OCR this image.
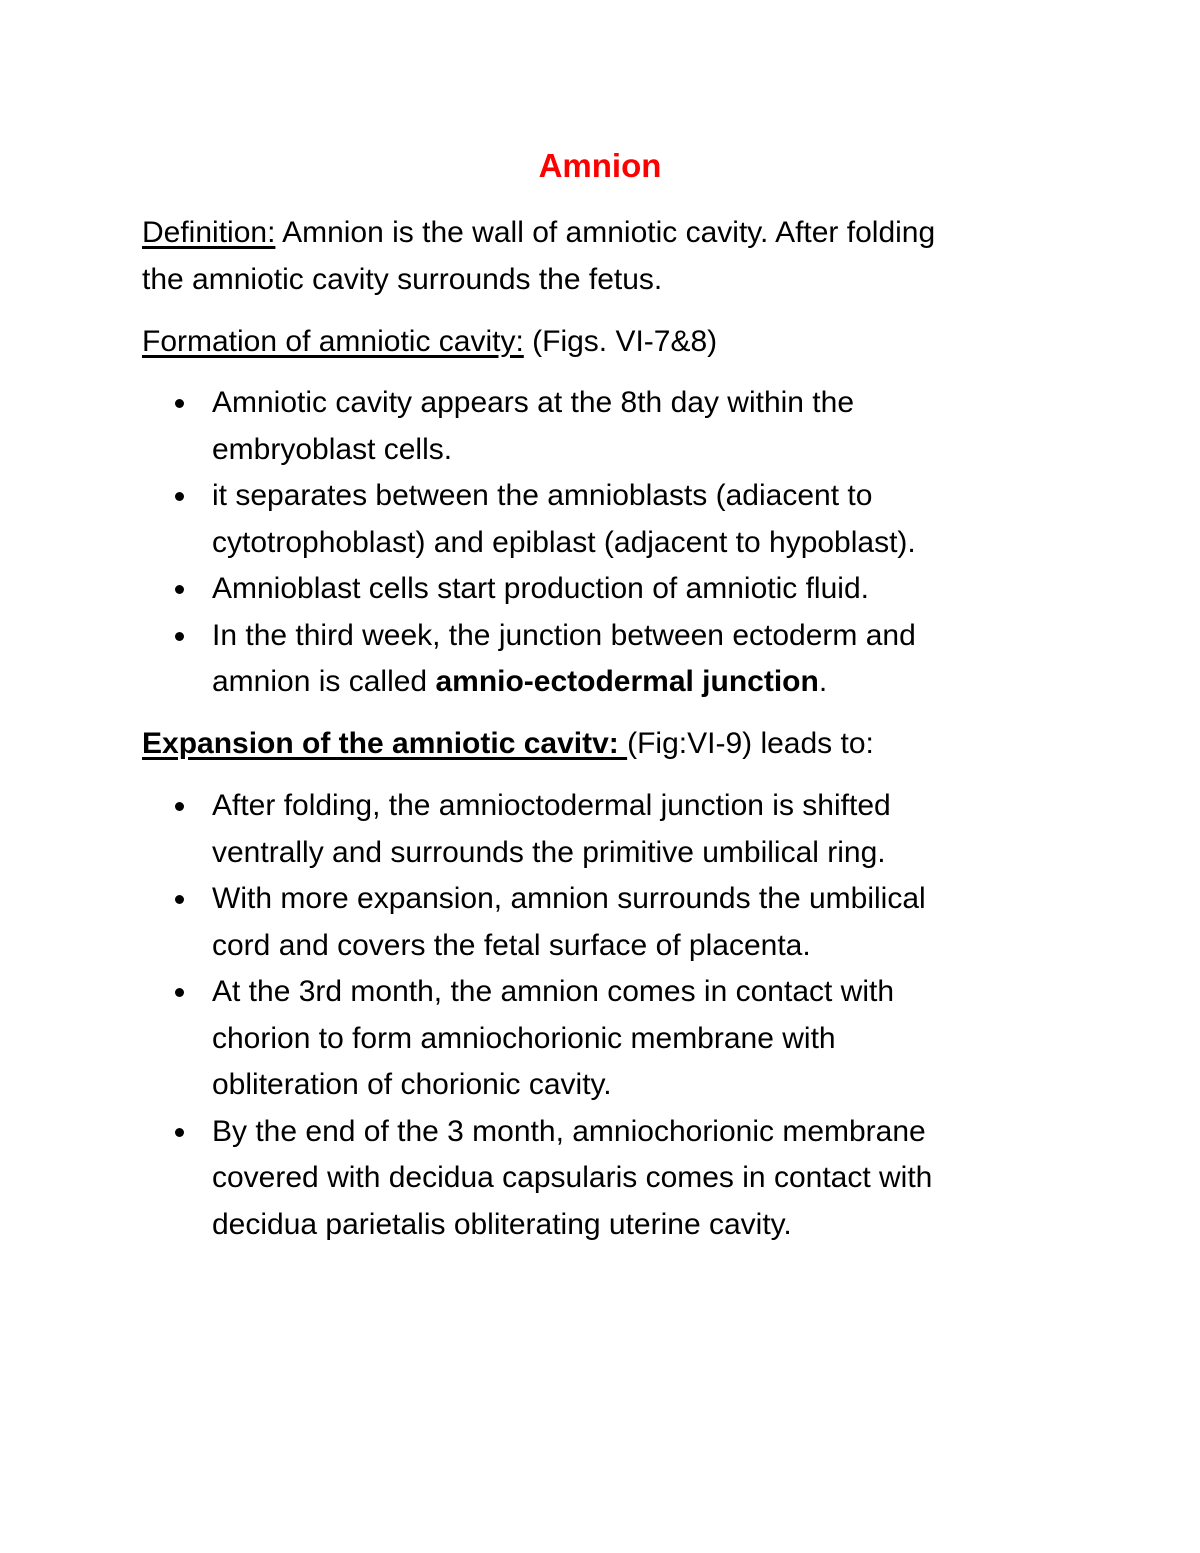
Amnion

Definition: Amnion is the wall of amniotic cavity. After folding
the amniotic cavity surrounds the fetus.

Formation of amniotic cavity: (Figs. VI-7&8)

Amniotic cavity appears at the 8th day within the
embryoblast cells.
it separates between the amnioblasts (adiacent to
cytotrophoblast) and epiblast (adjacent to hypoblast).
Amnioblast cells start production of amniotic fluid.
In the third week, the junction between ectoderm and
amnion is called amnio-ectodermal junction.

Expansion of the amniotic cavitv: (Fig:VI-9) leads to:

After folding, the amnioctodermal junction is shifted
ventrally and surrounds the primitive umbilical ring.
With more expansion, amnion surrounds the umbilical
cord and covers the fetal surface of placenta.
At the 3rd month, the amnion comes in contact with
chorion to form amniochorionic membrane with
obliteration of chorionic cavity.
By the end of the 3 month, amniochorionic membrane
covered with decidua capsularis comes in contact with
decidua parietalis obliterating uterine cavity.
